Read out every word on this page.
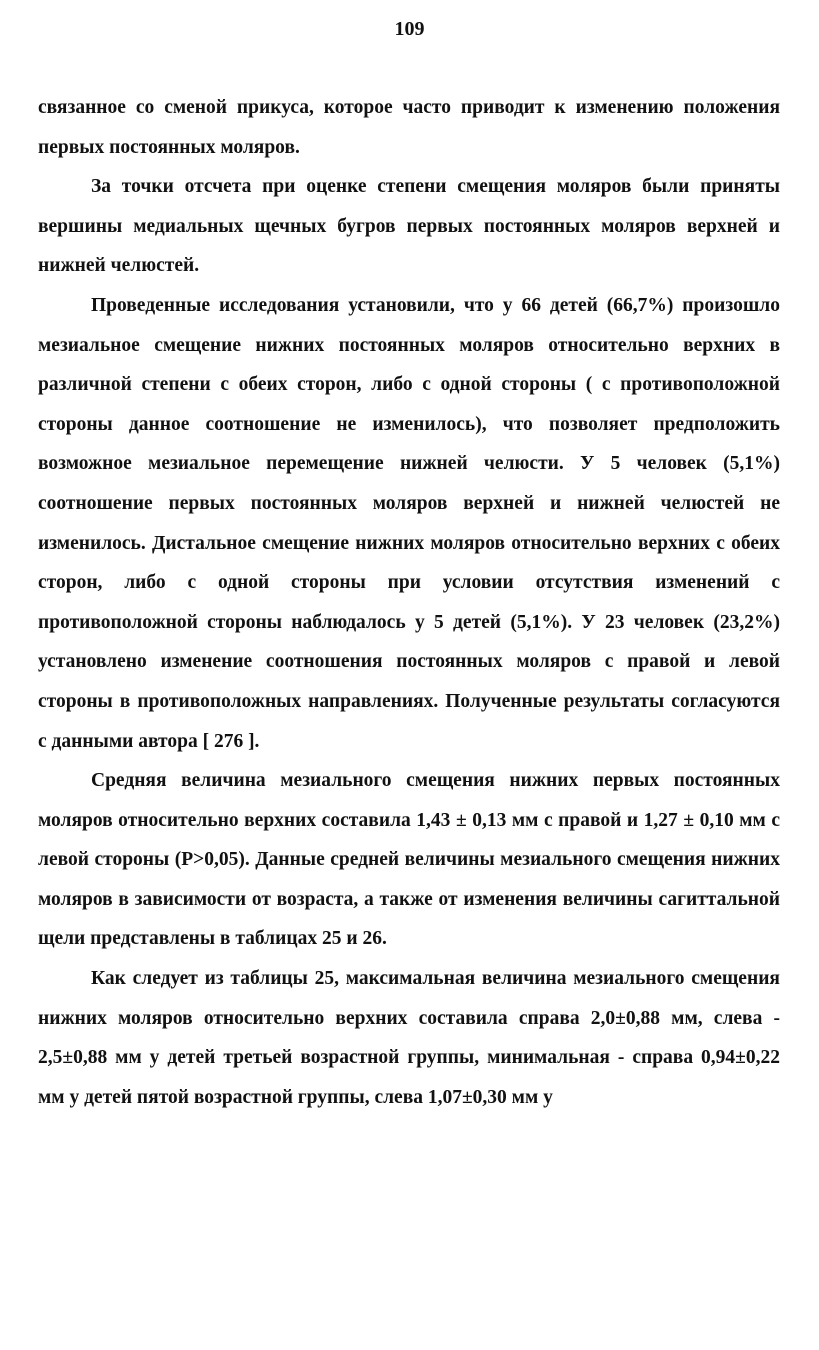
109

связанное со сменой прикуса, которое часто приводит к изменению положения первых постоянных моляров.

За точки отсчета при оценке степени смещения моляров были приняты вершины медиальных щечных бугров первых постоянных моляров верхней и нижней челюстей.

Проведенные исследования установили, что у 66 детей (66,7%) произошло мезиальное смещение нижних постоянных моляров относительно верхних в различной степени с обеих сторон, либо с одной стороны ( с противоположной стороны данное соотношение не изменилось), что позволяет предположить возможное мезиальное перемещение нижней челюсти. У 5 человек (5,1%) соотношение первых постоянных моляров верхней и нижней челюстей не изменилось. Дистальное смещение нижних моляров относительно верхних с обеих сторон, либо с одной стороны при условии отсутствия изменений с противоположной стороны наблюдалось у 5 детей (5,1%). У 23 человек (23,2%) установлено изменение соотношения постоянных моляров с правой и левой стороны в противоположных направлениях. Полученные результаты согласуются с данными автора [ 276 ].

Средняя величина мезиального смещения нижних первых постоянных моляров относительно верхних составила 1,43 ± 0,13 мм с правой и 1,27 ± 0,10 мм с левой стороны (P>0,05). Данные средней величины мезиального смещения нижних моляров в зависимости от возраста, а также от изменения величины сагиттальной щели представлены в таблицах 25 и 26.

Как следует из таблицы 25, максимальная величина мезиального смещения нижних моляров относительно верхних составила справа 2,0±0,88 мм, слева - 2,5±0,88 мм у детей третьей возрастной группы, минимальная - справа 0,94±0,22 мм у детей пятой возрастной группы, слева 1,07±0,30 мм у
